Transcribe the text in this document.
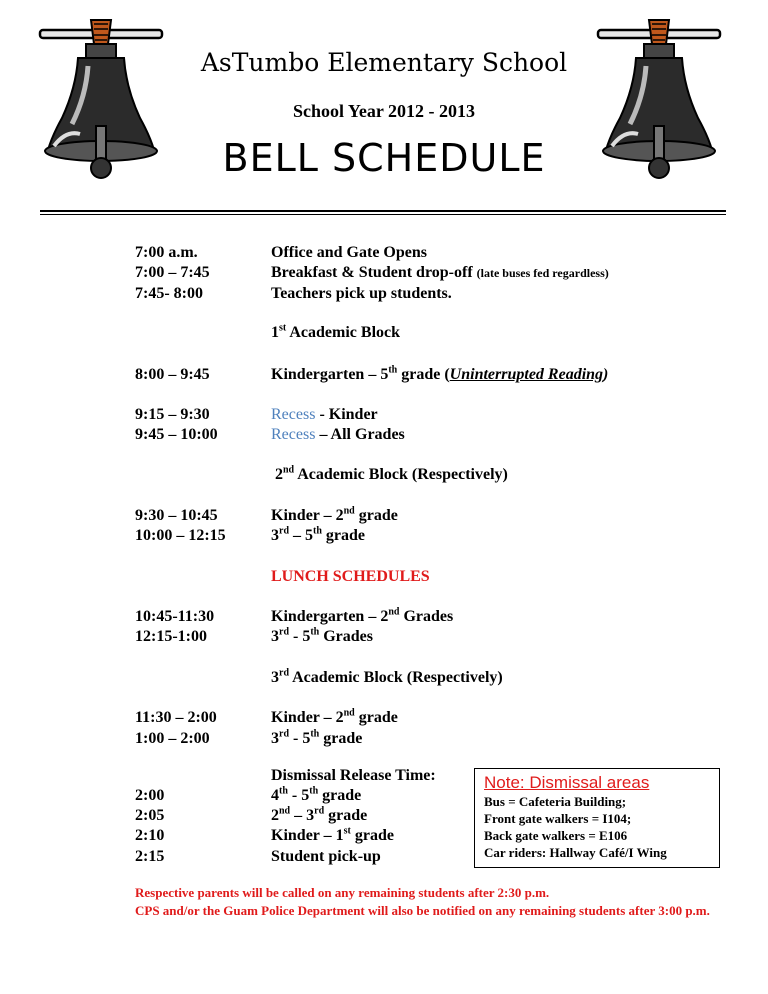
AsTumbo Elementary School
School Year 2012 - 2013
BELL SCHEDULE
7:00 a.m.	Office and Gate Opens
7:00 – 7:45	Breakfast & Student drop-off (late buses fed regardless)
7:45- 8:00	Teachers pick up students.
1st Academic Block
8:00 – 9:45	Kindergarten – 5th grade (Uninterrupted Reading)
9:15 – 9:30	Recess - Kinder
9:45 – 10:00	Recess – All Grades
2nd Academic Block (Respectively)
9:30 – 10:45	Kinder – 2nd grade
10:00 – 12:15	3rd – 5th grade
LUNCH SCHEDULES
10:45-11:30	Kindergarten – 2nd Grades
12:15-1:00	3rd - 5th Grades
3rd Academic Block (Respectively)
11:30 – 2:00	Kinder – 2nd grade
1:00 – 2:00	3rd - 5th grade
Dismissal Release Time:
2:00	4th - 5th grade
2:05	2nd – 3rd grade
2:10	Kinder – 1st grade
2:15	Student pick-up
Note: Dismissal areas
Bus = Cafeteria Building;
Front gate walkers = I104;
Back gate walkers = E106
Car riders: Hallway Café/I Wing
Respective parents will be called on any remaining students after 2:30 p.m.
CPS and/or the Guam Police Department will also be notified on any remaining students after 3:00 p.m.
